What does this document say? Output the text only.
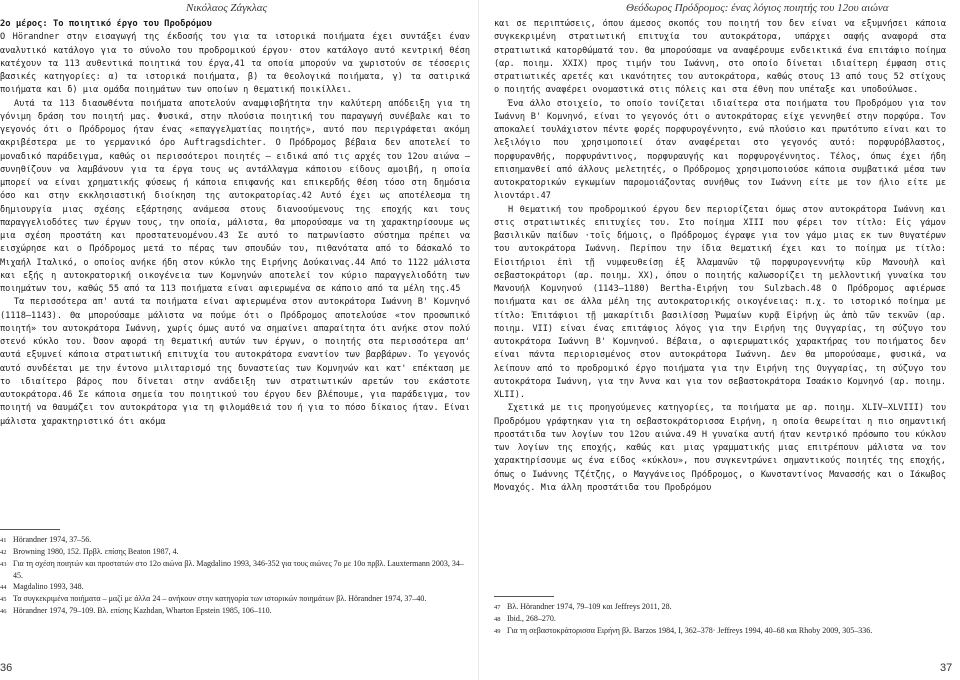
Νικόλαος Ζάγκλας

2ο μέρος: Το ποιητικό έργο του Προδρόμου

Ο Hörandner στην εισαγωγή της έκδοσής του για τα ιστορικά ποιήματα έχει συντάξει έναν αναλυτικό κατάλογο για το σύνολο του προδρομικού έργου· στον κατάλογο αυτό κεντρική θέση κατέχουν τα 113 αυθεντικά ποιητικά του έργα,41 τα οποία μπορούν να χωριστούν σε τέσσερις βασικές κατηγορίες: α) τα ιστορικά ποιήματα, β) τα θεολογικά ποιήματα, γ) τα σατιρικά ποιήματα και δ) μια ομάδα ποιημάτων των οποίων η θεματική ποικίλλει.

Αυτά τα 113 διασωθέντα ποιήματα αποτελούν αναμφισβήτητα την καλύτερη απόδειξη για τη γόνιμη δράση του ποιητή μας. Φυσικά, στην πλούσια ποιητική του παραγωγή συνέβαλε και το γεγονός ότι ο Πρόδρομος ήταν ένας «επαγγελματίας ποιητής», αυτό που περιγράφεται ακόμη ακριβέστερα με το γερμανικό όρο Auftragsdichter. Ο Πρόδρομος βέβαια δεν αποτελεί το μοναδικό παράδειγμα, καθώς οι περισσότεροι ποιητές – ειδικά από τις αρχές του 12ου αιώνα – συνηθίζουν να λαμβάνουν για τα έργα τους ως αντάλλαγμα κάποιου είδους αμοιβή, η οποία μπορεί να είναι χρηματικής φύσεως ή κάποια επιφανής και επικερδής θέση τόσο στη δημόσια όσο και στην εκκλησιαστική διοίκηση της αυτοκρατορίας.42 Αυτό έχει ως αποτέλεσμα τη δημιουργία μιας σχέσης εξάρτησης ανάμεσα στους διανοούμενους της εποχής και τους παραγγελιοδότες των έργων τους, την οποία, μάλιστα, θα μπορούσαμε να τη χαρακτηρίσουμε ως μια σχέση προστάτη και προστατευομένου.43 Σε αυτό το πατρωνίαστο σύστημα πρέπει να εισχώρησε και ο Πρόδρομος μετά το πέρας των σπουδών του, πιθανότατα από το δάσκαλό το Μιχαήλ Ιταλικό, ο οποίος ανήκε ήδη στον κύκλο της Ειρήνης Δούκαινας.44 Από το 1122 μάλιστα και εξής η αυτοκρατορική οικογένεια των Κομνηνών αποτελεί τον κύριο παραγγελιοδότη των ποιημάτων του, καθώς 55 από τα 113 ποιήματα είναι αφιερωμένα σε κάποιο από τα μέλη της.45

Τα περισσότερα απ' αυτά τα ποιήματα είναι αφιερωμένα στον αυτοκράτορα Ιωάννη Β' Κομνηνό (1118–1143). Θα μπορούσαμε μάλιστα να πούμε ότι ο Πρόδρομος αποτελούσε «τον προσωπικό ποιητή» του αυτοκράτορα Ιωάννη, χωρίς όμως αυτό να σημαίνει απαραίτητα ότι ανήκε στον πολύ στενό κύκλο του. Όσον αφορά τη θεματική αυτών των έργων, ο ποιητής στα περισσότερα απ' αυτά εξυμνεί κάποια στρατιωτική επιτυχία του αυτοκράτορα εναντίον των βαρβάρων. Το γεγονός αυτό συνδέεται με την έντονο μιλιταρισμό της δυναστείας των Κομνηνών και κατ' επέκταση με το ιδιαίτερο βάρος που δίνεται στην ανάδειξη των στρατιωτικών αρετών του εκάστοτε αυτοκράτορα.46 Σε κάποια σημεία του ποιητικού του έργου δεν βλέπουμε, για παράδειγμα, τον ποιητή να θαυμάζει τον αυτοκράτορα για τη φιλομάθειά του ή για το πόσο δίκαιος ήταν. Είναι μάλιστα χαρακτηριστικό ότι ακόμα

41 Hörandner 1974, 37–56.
42 Browning 1980, 152. Πρβλ. επίσης Beaton 1987, 4.
43 Για τη σχέση ποιητών και προστατών στο 12ο αιώνα βλ. Magdalino 1993, 346-352 για τους αιώνες 7ο με 10ο πρβλ. Lauxtermann 2003, 34–45.
44 Magdalino 1993, 348.
45 Τα συγκεκριμένα ποιήματα – μαζί με άλλα 24 – ανήκουν στην κατηγορία των ιστορικών ποιημάτων βλ. Hörandner 1974, 37–40.
46 Hörandner 1974, 79–109. Βλ. επίσης Kazhdan, Wharton Epstein 1985, 106–110.
36
Θεόδωρος Πρόδρομος: ένας λόγιος ποιητής του 12ου αιώνα

και σε περιπτώσεις, όπου άμεσος σκοπός του ποιητή του δεν είναι να εξυμνήσει κάποια συγκεκριμένη στρατιωτική επιτυχία του αυτοκράτορα, υπάρχει σαφής αναφορά στα στρατιωτικά κατορθώματά του. Θα μπορούσαμε να αναφέρουμε ενδεικτικά ένα επιτάφιο ποίημα (αρ. ποιημ. XXIX) προς τιμήν του Ιωάννη, στο οποίο δίνεται ιδιαίτερη έμφαση στις στρατιωτικές αρετές και ικανότητες του αυτοκράτορα, καθώς στους 13 από τους 52 στίχους ο ποιητής αναφέρει ονομαστικά στις πόλεις και στα έθνη που υπέταξε και υποδούλωσε.

Ένα άλλο στοιχείο, το οποίο τονίζεται ιδιαίτερα στα ποιήματα του Προδρόμου για τον Ιωάννη Β' Κομνηνό, είναι το γεγονός ότι ο αυτοκράτορας είχε γεννηθεί στην πορφύρα. Τον αποκαλεί τουλάχιστον πέντε φορές πορφυρογέννητο, ενώ πλούσιο και πρωτότυπο είναι και το λεξιλόγιο που χρησιμοποιεί όταν αναφέρεται στο γεγονός αυτό: πορφυρόβλαστος, πορφυρανθής, πορφυράντινος, πορφυραυγής και πορφυρογέννητος. Τέλος, όπως έχει ήδη επισημανθεί από άλλους μελετητές, ο Πρόδρομος χρησιμοποιούσε κάποια συμβατικά μέσα των αυτοκρατορικών εγκωμίων παρομοιάζοντας συνήθως τον Ιωάννη είτε με τον ήλιο είτε με λιοντάρι.47

Η θεματική του προδρομικού έργου δεν περιορίζεται όμως στον αυτοκράτορα Ιωάννη και στις στρατιωτικές επιτυχίες του. Στο ποίημα XIII που φέρει τον τίτλο: Εἰς γάμον βασιλικῶν παίδων ·τοῖς δήμοις, ο Πρόδρομος έγραψε για τον γάμο μιας εκ των θυγατέρων του αυτοκράτορα Ιωάννη. Περίπου την ίδια θεματική έχει και το ποίημα με τίτλο: Εἰσιτήριοι ἐπὶ τῇ νυμφευθείσῃ ἐξ Ἀλαμανῶν τῷ πορφυρογεννήτῳ κῦρ Μανουὴλ καὶ σεβαστοκράτορι (αρ. ποιημ. XX), όπου ο ποιητής καλωσορίζει τη μελλοντική γυναίκα του Μανουήλ Κομνηνού (1143–1180) Bertha-Ειρήνη του Sulzbach.48 Ο Πρόδρομος αφιέρωσε ποιήματα και σε άλλα μέλη της αυτοκρατορικής οικογένειας: π.χ. το ιστορικό ποίημα με τίτλο: Ἐπιτάφιοι τῇ μακαρίτιδι βασιλίσσῃ Ῥωμαίων κυρᾷ Εἰρήνῃ ὡς ἀπὸ τῶν τεκνῶν (αρ. ποιημ. VII) είναι ένας επιτάφιος λόγος για την Ειρήνη της Ουγγαρίας, τη σύζυγο του αυτοκράτορα Ιωάννη Β' Κομνηνού. Βέβαια, ο αφιερωματικός χαρακτήρας του ποιήματος δεν είναι πάντα περιορισμένος στον αυτοκράτορα Ιωάννη. Δεν θα μπορούσαμε, φυσικά, να λείπουν από το προδρομικό έργο ποιήματα για την Ειρήνη της Ουγγαρίας, τη σύζυγο του αυτοκράτορα Ιωάννη, για την Άννα και για τον σεβαστοκράτορα Ισαάκιο Κομνηνό (αρ. ποιημ. XLII).

Σχετικά με τις προηγούμενες κατηγορίες, τα ποιήματα με αρ. ποιημ. XLIV–XLVIII) του Προδρόμου γράφτηκαν για τη σεβαστοκράτορισσα Ειρήνη, η οποία θεωρείται η πιο σημαντική προστάτιδα των λογίων του 12ου αιώνα.49 Η γυναίκα αυτή ήταν κεντρικό πρόσωπο του κύκλου των λογίων της εποχής, καθώς και μιας γραμματικής μιας επιτρέπουν μάλιστα να τον χαρακτηρίσουμε ως ένα είδος «κύκλου», που συγκεντρώνει σημαντικούς ποιητές της εποχής, όπως ο Ιωάννης Τζέτζης, ο Μαγγάνειος Πρόδρομος, ο Κωνσταντίνος Μανασσής και ο Ιάκωβος Μοναχός. Μια άλλη προστάτιδα του Προδρόμου

47 Βλ. Hörandner 1974, 79–109 και Jeffreys 2011, 28.
48 Ibid., 268–270.
49 Για τη σεβαστοκράτορισσα Ειρήνη βλ. Barzos 1984, I, 362–378· Jeffreys 1994, 40–68 και Rhoby 2009, 305–336.
37
